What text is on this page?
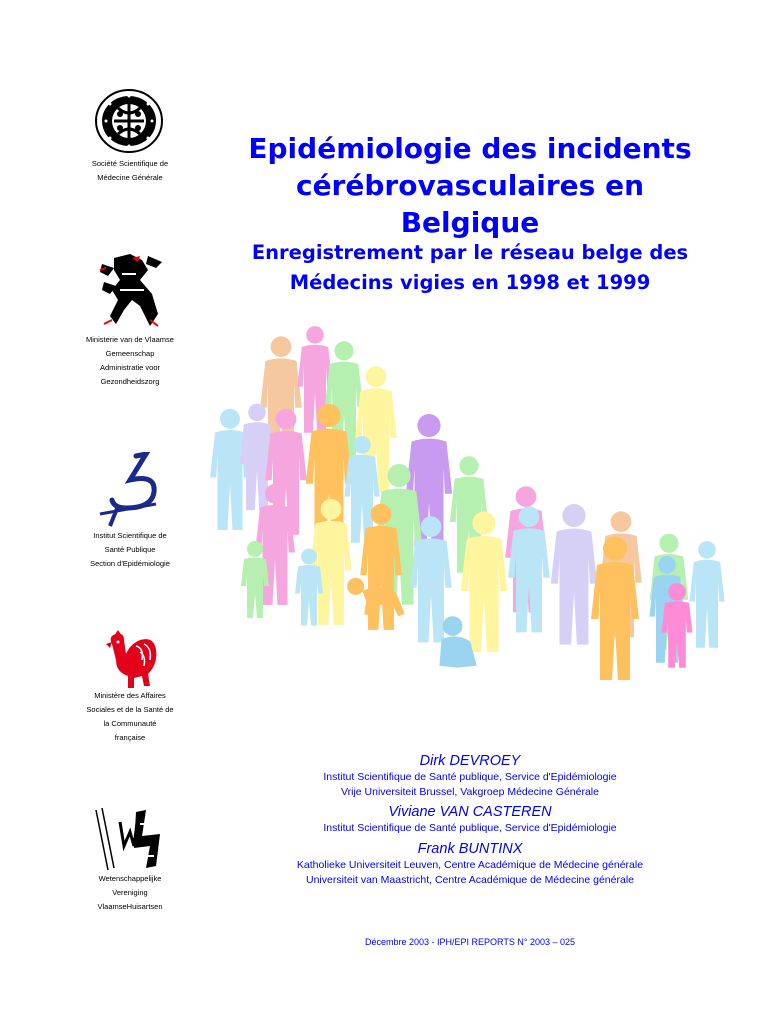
Société Scientifique de
Médecine Générale
Ministerie van de Vlaamse
Gemeenschap
Administratie voor
Gezondheidszorg
Institut Scientifique de
Santé Publique
Section d'Epidémiologie
Ministère des Affaires
Sociales et de la Santé de
la Communauté
française
Wetenschappelijke
Vereniging
VlaamseHuisartsen
Epidémiologie des incidents
cérébrovasculaires en Belgique
Enregistrement par le réseau belge des
Médecins vigies en 1998 et 1999
Dirk DEVROEY
Institut Scientifique de Santé publique, Service d'Epidémiologie
Vrije Universiteit Brussel, Vakgroep Médecine Générale
Viviane VAN CASTEREN
Institut Scientifique de Santé publique, Service d'Epidémiologie
Frank BUNTINX
Katholieke Universiteit Leuven, Centre Académique de Médecine générale
Universiteit van Maastricht, Centre Académique de Médecine générale
Décembre 2003 - IPH/EPI REPORTS N° 2003 – 025
